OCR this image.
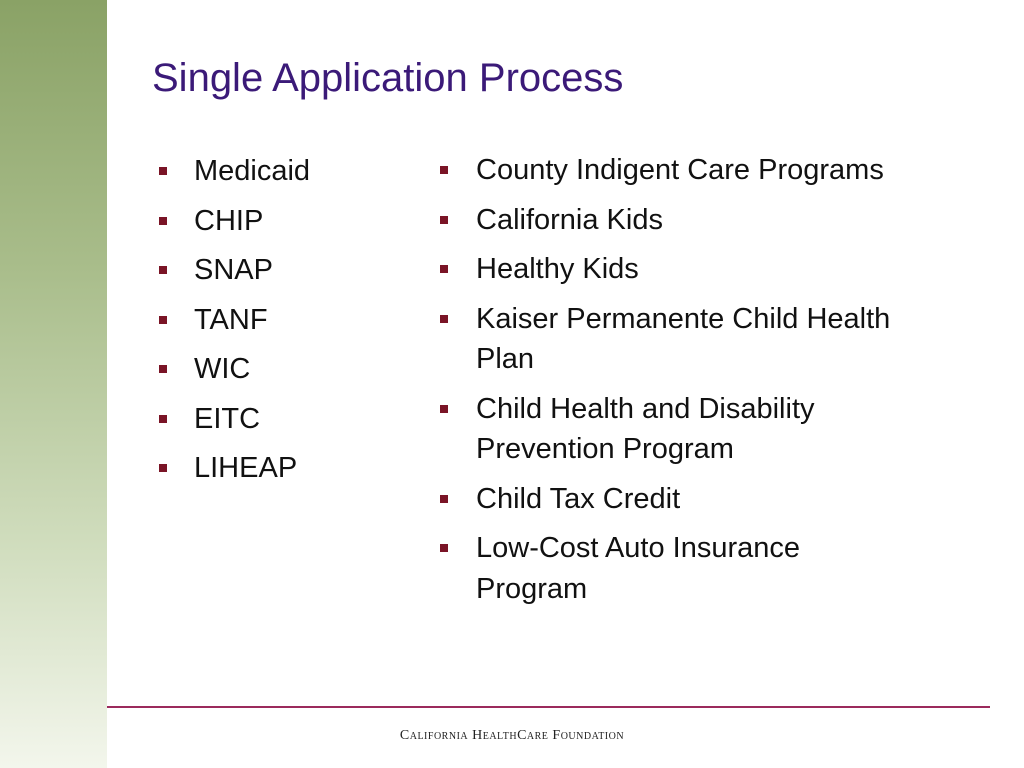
Single Application Process
Medicaid
CHIP
SNAP
TANF
WIC
EITC
LIHEAP
County Indigent Care Programs
California Kids
Healthy Kids
Kaiser Permanente Child Health Plan
Child Health and Disability Prevention Program
Child Tax Credit
Low-Cost Auto Insurance Program
California HealthCare Foundation
